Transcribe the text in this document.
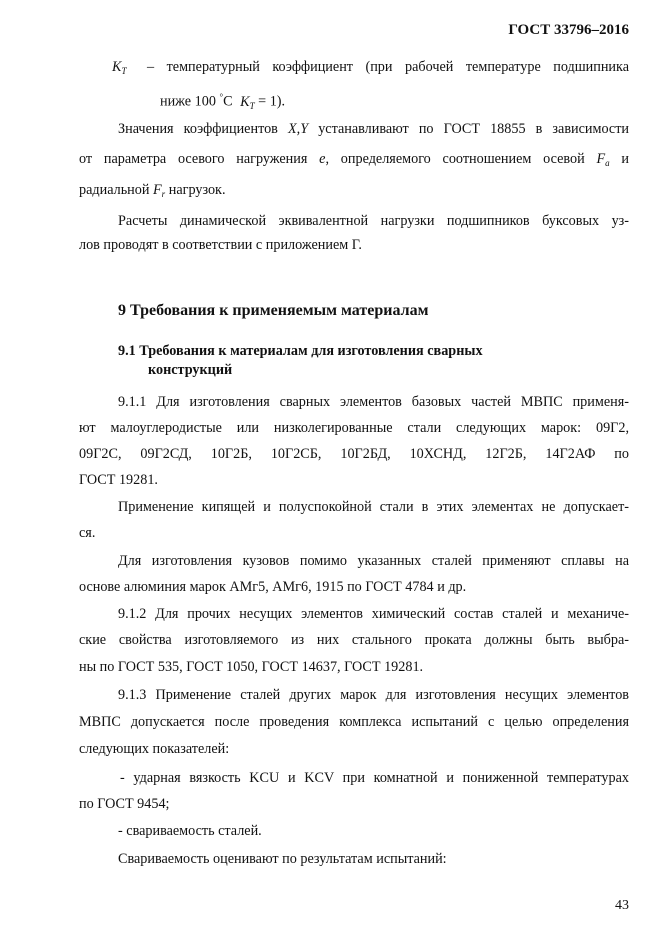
ГОСТ 33796–2016
$K_T$ – температурный коэффициент (при рабочей температуре подшипника
ниже 100 °С $K_T = 1$).
Значения коэффициентов X,Y устанавливают по ГОСТ 18855 в зависимости
от параметра осевого нагружения e, определяемого соотношением осевой $F_a$ и
радиальной $F_r$ нагрузок.
Расчеты динамической эквивалентной нагрузки подшипников буксовых уз-
лов проводят в соответствии с приложением Г.
9 Требования к применяемым материалам
9.1 Требования к материалам для изготовления сварных
конструкций
9.1.1 Для изготовления сварных элементов базовых частей МВПС применя-
ют малоуглеродистые или низколегированные стали следующих марок: 09Г2,
09Г2С, 09Г2СД, 10Г2Б, 10Г2СБ, 10Г2БД, 10ХСНД, 12Г2Б, 14Г2АФ по
ГОСТ 19281.
Применение кипящей и полуспокойной стали в этих элементах не допускает-
ся.
Для изготовления кузовов помимо указанных сталей применяют сплавы на
основе алюминия марок АМг5, АМг6, 1915 по ГОСТ 4784 и др.
9.1.2 Для прочих несущих элементов химический состав сталей и механиче-
ские свойства изготовляемого из них стального проката должны быть выбра-
ны по ГОСТ 535, ГОСТ 1050, ГОСТ 14637, ГОСТ 19281.
9.1.3 Применение сталей других марок для изготовления несущих элементов
МВПС допускается после проведения комплекса испытаний с целью определения
следующих показателей:
- ударная вязкость KCU и KCV при комнатной и пониженной температурах
по ГОСТ 9454;
- свариваемость сталей.
Свариваемость оценивают по результатам испытаний:
43
